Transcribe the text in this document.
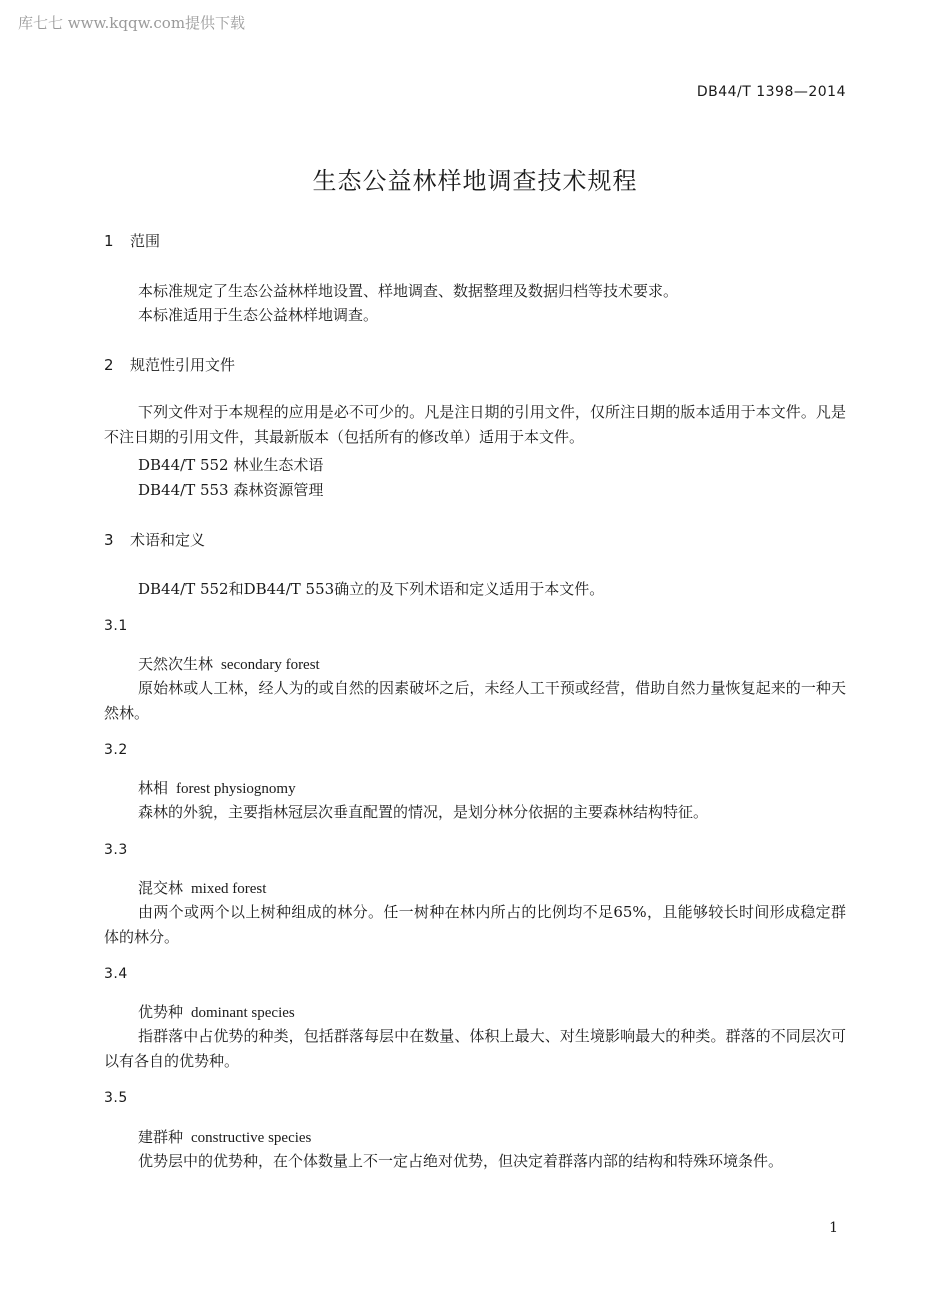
库七七 www.kqqw.com提供下载
DB44/T 1398—2014
生态公益林样地调查技术规程
1 范围
本标准规定了生态公益林样地设置、样地调查、数据整理及数据归档等技术要求。
本标准适用于生态公益林样地调查。
2 规范性引用文件
下列文件对于本规程的应用是必不可少的。凡是注日期的引用文件，仅所注日期的版本适用于本文件。凡是不注日期的引用文件，其最新版本（包括所有的修改单）适用于本文件。
DB44/T 552 林业生态术语
DB44/T 553 森林资源管理
3 术语和定义
DB44/T 552和DB44/T 553确立的及下列术语和定义适用于本文件。
3.1
天然次生林 secondary forest
原始林或人工林，经人为的或自然的因素破坏之后，未经人工干预或经营，借助自然力量恢复起来的一种天然林。
3.2
林相 forest physiognomy
森林的外貌，主要指林冠层次垂直配置的情况，是划分林分依据的主要森林结构特征。
3.3
混交林 mixed forest
由两个或两个以上树种组成的林分。任一树种在林内所占的比例均不足65%，且能够较长时间形成稳定群体的林分。
3.4
优势种 dominant species
指群落中占优势的种类，包括群落每层中在数量、体积上最大、对生境影响最大的种类。群落的不同层次可以有各自的优势种。
3.5
建群种 constructive species
优势层中的优势种，在个体数量上不一定占绝对优势，但决定着群落内部的结构和特殊环境条件。
1
